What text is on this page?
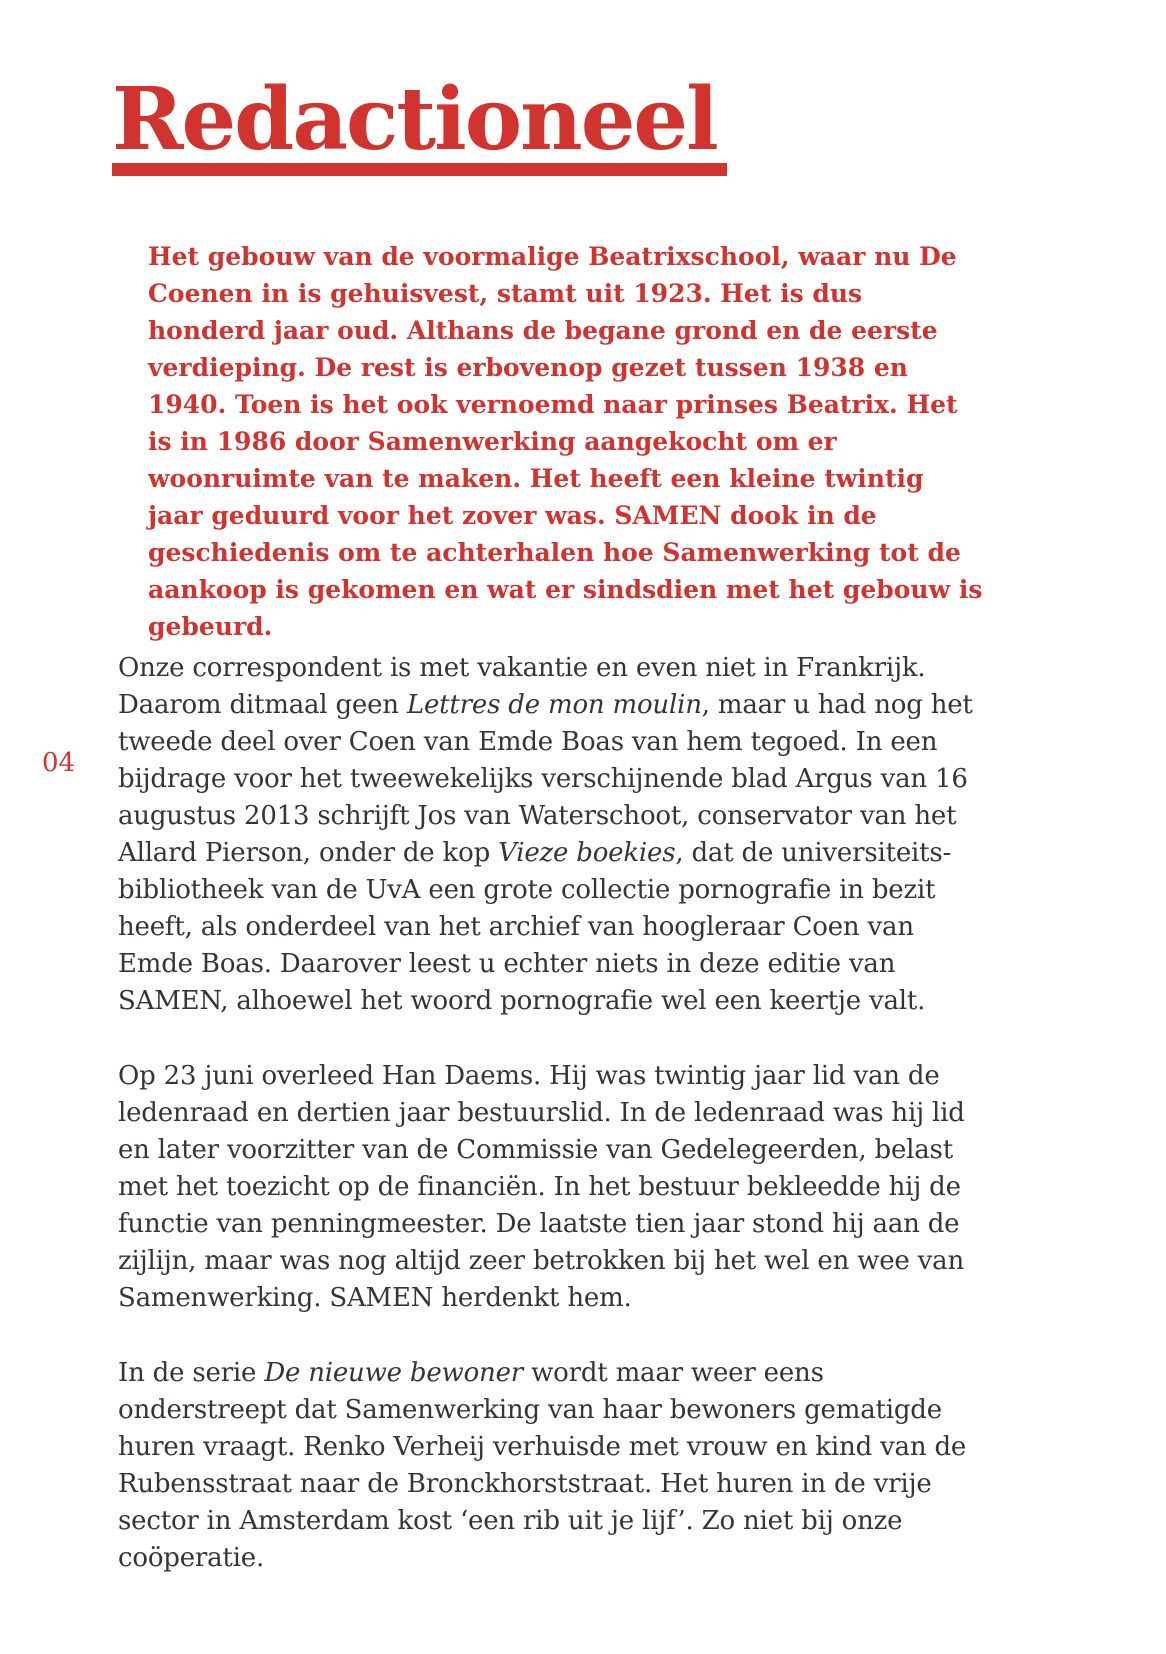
04
Redactioneel

Het gebouw van de voormalige Beatrixschool, waar nu De Coenen in is gehuisvest, stamt uit 1923. Het is dus honderd jaar oud. Althans de begane grond en de eerste verdieping. De rest is erbovenop gezet tussen 1938 en 1940. Toen is het ook vernoemd naar prinses Beatrix. Het is in 1986 door Samenwerking aangekocht om er woonruimte van te maken. Het heeft een kleine twintig jaar geduurd voor het zover was. SAMEN dook in de geschiedenis om te achterhalen hoe Samenwerking tot de aankoop is gekomen en wat er sindsdien met het gebouw is gebeurd.

Onze correspondent is met vakantie en even niet in Frankrijk. Daarom ditmaal geen Lettres de mon moulin, maar u had nog het tweede deel over Coen van Emde Boas van hem tegoed. In een bijdrage voor het tweewekelijks verschijnende blad Argus van 16 augustus 2013 schrijft Jos van Waterschoot, conservator van het Allard Pierson, onder de kop Vieze boekies, dat de universiteits-bibliotheek van de UvA een grote collectie pornografie in bezit heeft, als onderdeel van het archief van hoogleraar Coen van Emde Boas. Daarover leest u echter niets in deze editie van SAMEN, alhoewel het woord pornografie wel een keertje valt.

Op 23 juni overleed Han Daems. Hij was twintig jaar lid van de ledenraad en dertien jaar bestuurslid. In de ledenraad was hij lid en later voorzitter van de Commissie van Gedelegeerden, belast met het toezicht op de financiën. In het bestuur bekleedde hij de functie van penningmeester. De laatste tien jaar stond hij aan de zijlijn, maar was nog altijd zeer betrokken bij het wel en wee van Samenwerking. SAMEN herdenkt hem.

In de serie De nieuwe bewoner wordt maar weer eens onderstreept dat Samenwerking van haar bewoners gematigde huren vraagt. Renko Verheij verhuisde met vrouw en kind van de Rubensstraat naar de Bronckhorststraat. Het huren in de vrije sector in Amsterdam kost ‘een rib uit je lijf’. Zo niet bij onze coöperatie.
